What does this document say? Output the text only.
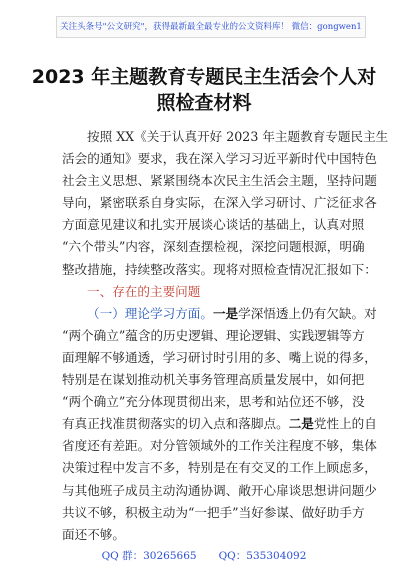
关注头条号"公文研究"，获得最新最全最专业的公文资料库！ 微信：gongwen1
2023 年主题教育专题民主生活会个人对
照检查材料
按照 XX《关于认真开好 2023 年主题教育专题民主生
活会的通知》要求，我在深入学习习近平新时代中国特色
社会主义思想、紧紧围绕本次民主生活会主题，坚持问题
导向，紧密联系自身实际，在深入学习研讨、广泛征求各
方面意见建议和扎实开展谈心谈话的基础上，认真对照
“六个带头”内容，深刻查摆检视，深挖问题根源，明确
整改措施，持续整改落实。现将对照检查情况汇报如下：
一、存在的主要问题
（一）理论学习方面。一是学深悟透上仍有欠缺。对
“两个确立”蕴含的历史逻辑、理论逻辑、实践逻辑等方
面理解不够通透，学习研讨时引用的多、嘴上说的得多，
特别是在谋划推动机关事务管理高质量发展中，如何把
“两个确立”充分体现贯彻出来，思考和站位还不够，没
有真正找准贯彻落实的切入点和落脚点。二是党性上的自
省度还有差距。对分管领域外的工作关注程度不够，集体
决策过程中发言不多，特别是在有交叉的工作上顾虑多，
与其他班子成员主动沟通协调、敞开心扉谈思想讲问题少
共议不够，积极主动为“一把手”当好参谋、做好助手方
面还不够。
QQ 群：30265665 QQ：535304092
